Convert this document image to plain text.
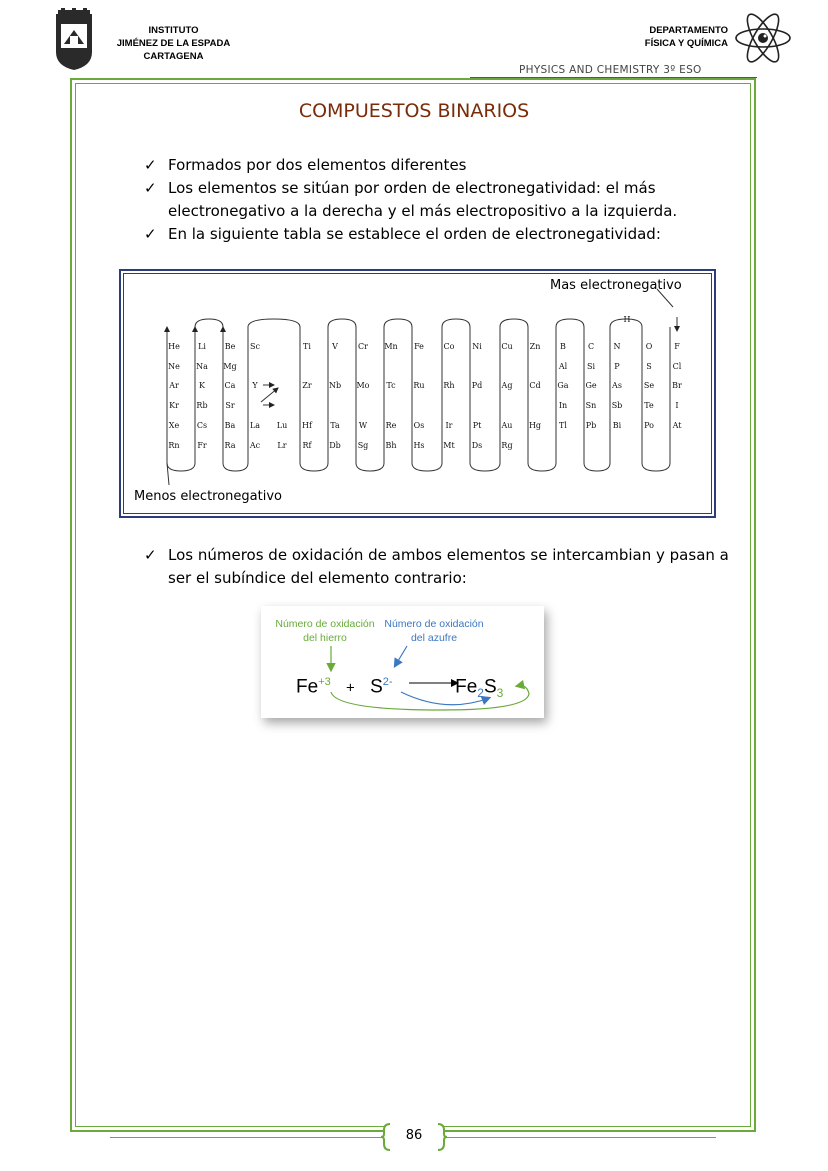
INSTITUTO
JIMÉNEZ DE LA ESPADA
CARTAGENA
DEPARTAMENTO
FÍSICA Y QUÍMICA
PHYSICS AND CHEMISTRY 3º ESO
COMPUESTOS BINARIOS
✓ Formados por dos elementos diferentes
✓ Los elementos se sitúan por orden de electronegatividad: el más electronegativo a la derecha y el más electropositivo a la izquierda.
✓ En la siguiente tabla se establece el orden de electronegatividad:
H
He
Ne
Ar
Kr
Xe
Rn
Li
Na
K
Rb
Cs
Fr
Be
Mg
Ca
Sr
Ba
Ra
Sc
Y
La
Ac
Lu
Lr
Ti
Zr
Hf
Rf
V
Nb
Ta
Db
Cr
Mo
W
Sg
Mn
Tc
Re
Bh
Fe
Ru
Os
Hs
Co
Rh
Ir
Mt
Ni
Pd
Pt
Ds
Cu
Ag
Au
Rg
Zn
Cd
Hg
B
Al
Ga
In
Tl
C
Si
Ge
Sn
Pb
N
P
As
Sb
Bi
O
S
Se
Te
Po
F
Cl
Br
I
At
Mas electronegativo
Menos electronegativo
✓ Los números de oxidación de ambos elementos se intercambian y pasan a ser el subíndice del elemento contrario:
Número de oxidación
del hierro
Número de oxidación
del azufre
$Fe^{+3} + S^{2-}$	$Fe_2S_3$
86
